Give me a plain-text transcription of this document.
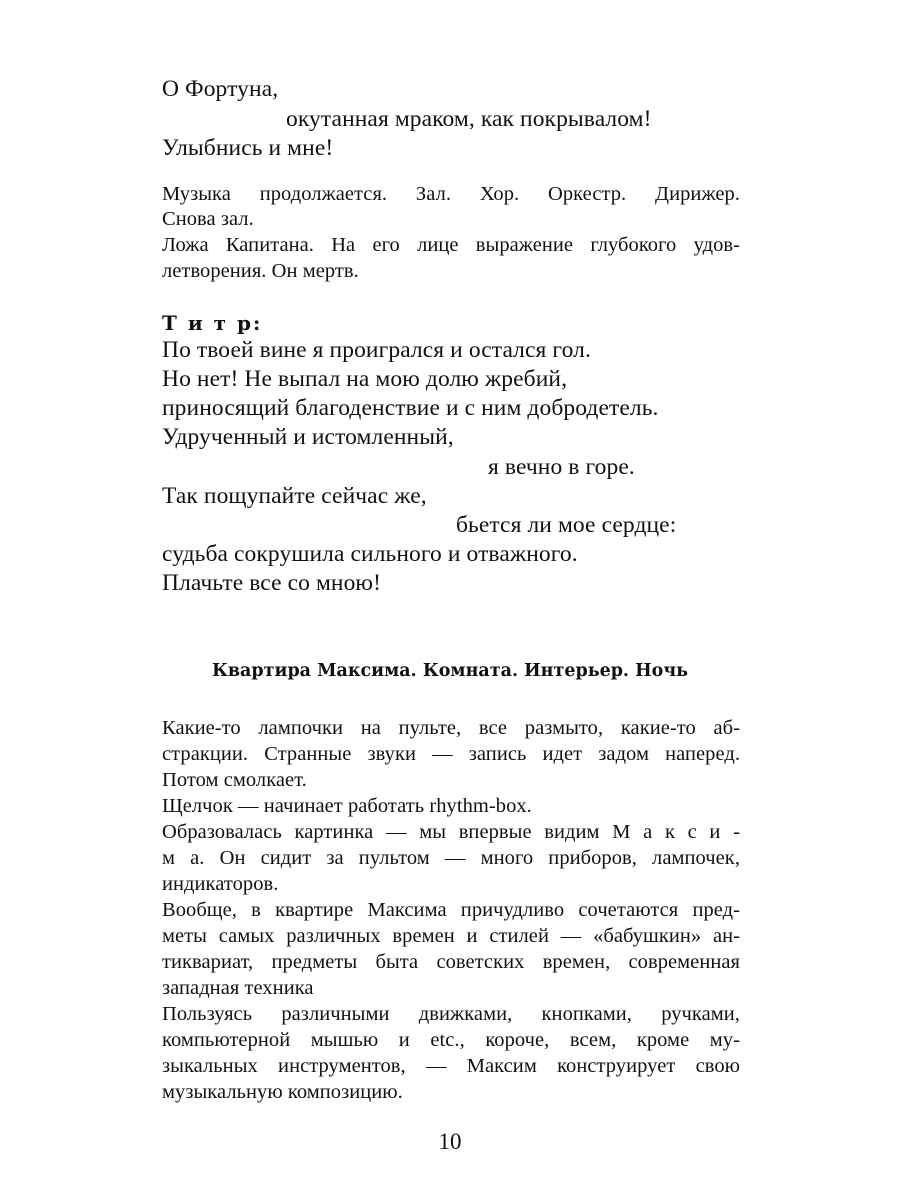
О Фортуна,
окутанная мраком, как покрывалом!
Улыбнись и мне!
Музыка продолжается. Зал. Хор. Оркестр. Дирижер.
Снова зал.
Ложа Капитана. На его лице выражение глубокого удов-
летворения. Он мертв.
Т и т р:
По твоей вине я проигрался и остался гол.
Но нет! Не выпал на мою долю жребий,
приносящий благоденствие и с ним добродетель.
Удрученный и истомленный,
я вечно в горе.
Так пощупайте сейчас же,
бьется ли мое сердце:
судьба сокрушила сильного и отважного.
Плачьте все со мною!
Квартира Максима. Комната. Интерьер. Ночь
Какие-то лампочки на пульте, все размыто, какие-то аб-
стракции. Странные звуки — запись идет задом наперед.
Потом смолкает.
Щелчок — начинает работать rhythm-box.
Образовалась картинка — мы впервые видим М а к с и -
м а. Он сидит за пультом — много приборов, лампочек,
индикаторов.
Вообще, в квартире Максима причудливо сочетаются пред-
меты самых различных времен и стилей — «бабушкин» ан-
тиквариат, предметы быта советских времен, современная
западная техника
Пользуясь различными движками, кнопками, ручками,
компьютерной мышью и etc., короче, всем, кроме му-
зыкальных инструментов, — Максим конструирует свою
музыкальную композицию.
10
